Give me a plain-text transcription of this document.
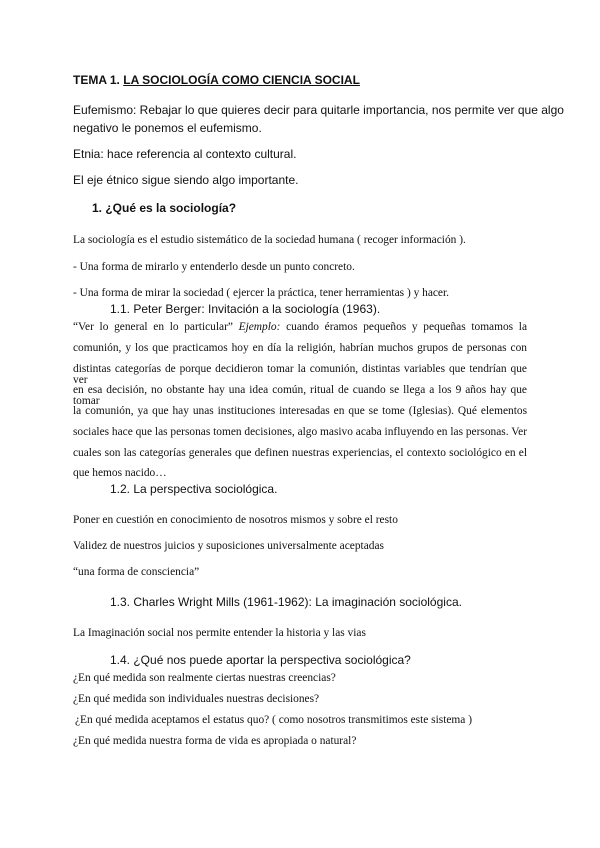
TEMA 1. LA SOCIOLOGÍA COMO CIENCIA SOCIAL
Eufemismo: Rebajar lo que quieres decir para quitarle importancia, nos permite ver que algo
negativo le ponemos el eufemismo.
Etnia: hace referencia al contexto cultural.
El eje étnico sigue siendo algo importante.
1. ¿Qué es la sociología?
La sociología es el estudio sistemático de la sociedad humana ( recoger información ).
- Una forma de mirarlo y entenderlo desde un punto concreto.
- Una forma de mirar la sociedad ( ejercer la práctica, tener herramientas ) y hacer.
1.1. Peter Berger: Invitación a la sociología (1963).
“Ver lo general en lo particular” Ejemplo: cuando éramos pequeños y pequeñas tomamos la
comunión, y los que practicamos hoy en día la religión, habrían muchos grupos de personas con
distintas categorías de porque decidieron tomar la comunión, distintas variables que tendrían que ver
en esa decisión, no obstante hay una idea común, ritual de cuando se llega a los 9 años hay que tomar
la comunión, ya que hay unas instituciones interesadas en que se tome (Iglesias). Qué elementos
sociales hace que las personas tomen decisiones, algo masivo acaba influyendo en las personas. Ver
cuales son las categorías generales que definen nuestras experiencias, el contexto sociológico en el
que hemos nacido…
1.2. La perspectiva sociológica.
Poner en cuestión en conocimiento de nosotros mismos y sobre el resto
Validez de nuestros juicios y suposiciones universalmente aceptadas
“una forma de consciencia”
1.3. Charles Wright Mills (1961-1962): La imaginación sociológica.
La Imaginación social nos permite entender la historia y las vias
1.4. ¿Qué nos puede aportar la perspectiva sociológica?
¿En qué medida son realmente ciertas nuestras creencias?
¿En qué medida son individuales nuestras decisiones?
¿En qué medida aceptamos el estatus quo? ( como nosotros transmitimos este sistema )
¿En qué medida nuestra forma de vida es apropiada o natural?
